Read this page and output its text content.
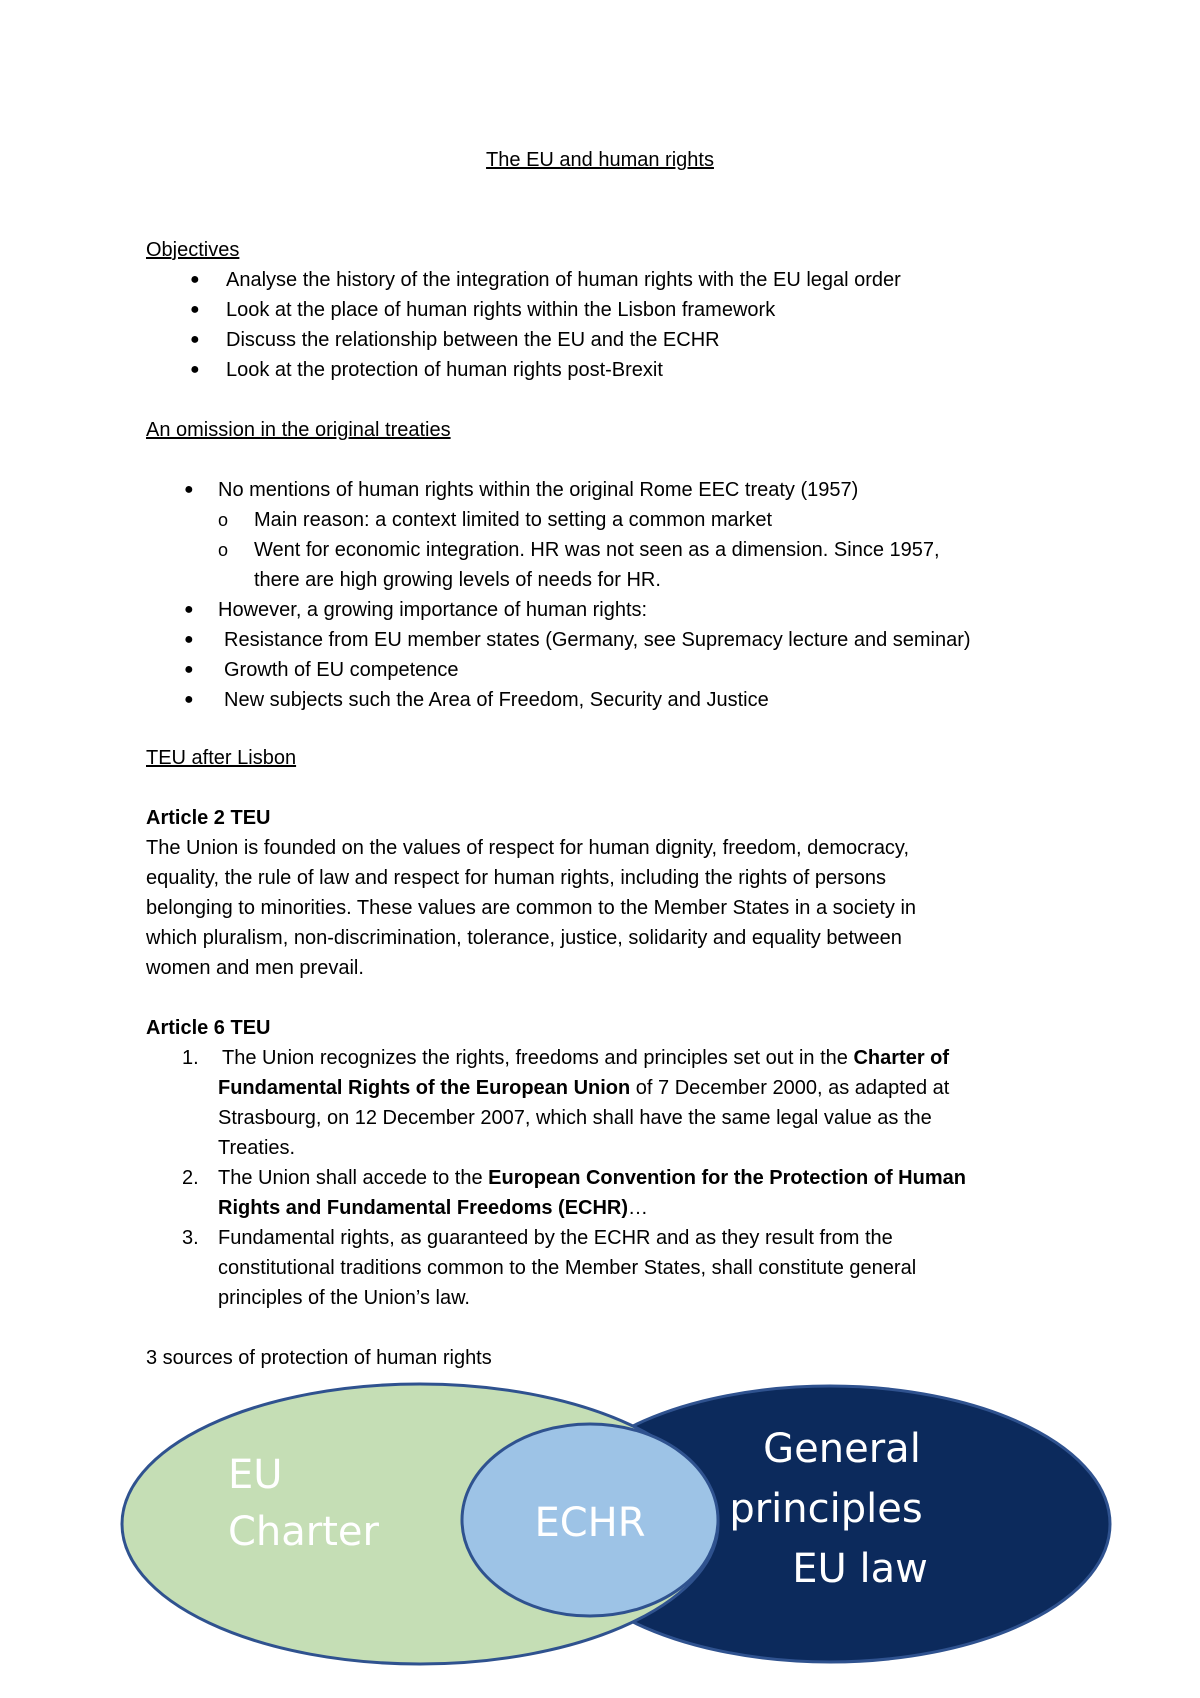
The EU and human rights
Objectives
● Analyse the history of the integration of human rights with the EU legal order
● Look at the place of human rights within the Lisbon framework
● Discuss the relationship between the EU and the ECHR
● Look at the protection of human rights post-Brexit
An omission in the original treaties
● No mentions of human rights within the original Rome EEC treaty (1957)
o Main reason: a context limited to setting a common market
o Went for economic integration. HR was not seen as a dimension. Since 1957,
there are high growing levels of needs for HR.
● However, a growing importance of human rights:
● Resistance from EU member states (Germany, see Supremacy lecture and seminar)
● Growth of EU competence
● New subjects such the Area of Freedom, Security and Justice
TEU after Lisbon
Article 2 TEU
The Union is founded on the values of respect for human dignity, freedom, democracy,
equality, the rule of law and respect for human rights, including the rights of persons
belonging to minorities. These values are common to the Member States in a society in
which pluralism, non-discrimination, tolerance, justice, solidarity and equality between
women and men prevail.
Article 6 TEU
1. The Union recognizes the rights, freedoms and principles set out in the Charter of
Fundamental Rights of the European Union of 7 December 2000, as adapted at
Strasbourg, on 12 December 2007, which shall have the same legal value as the
Treaties.
2. The Union shall accede to the European Convention for the Protection of Human
Rights and Fundamental Freedoms (ECHR)…
3. Fundamental rights, as guaranteed by the ECHR and as they result from the
constitutional traditions common to the Member States, shall constitute general
principles of the Union’s law.
3 sources of protection of human rights
EU
Charter	ECHR
General
principles
EU law
